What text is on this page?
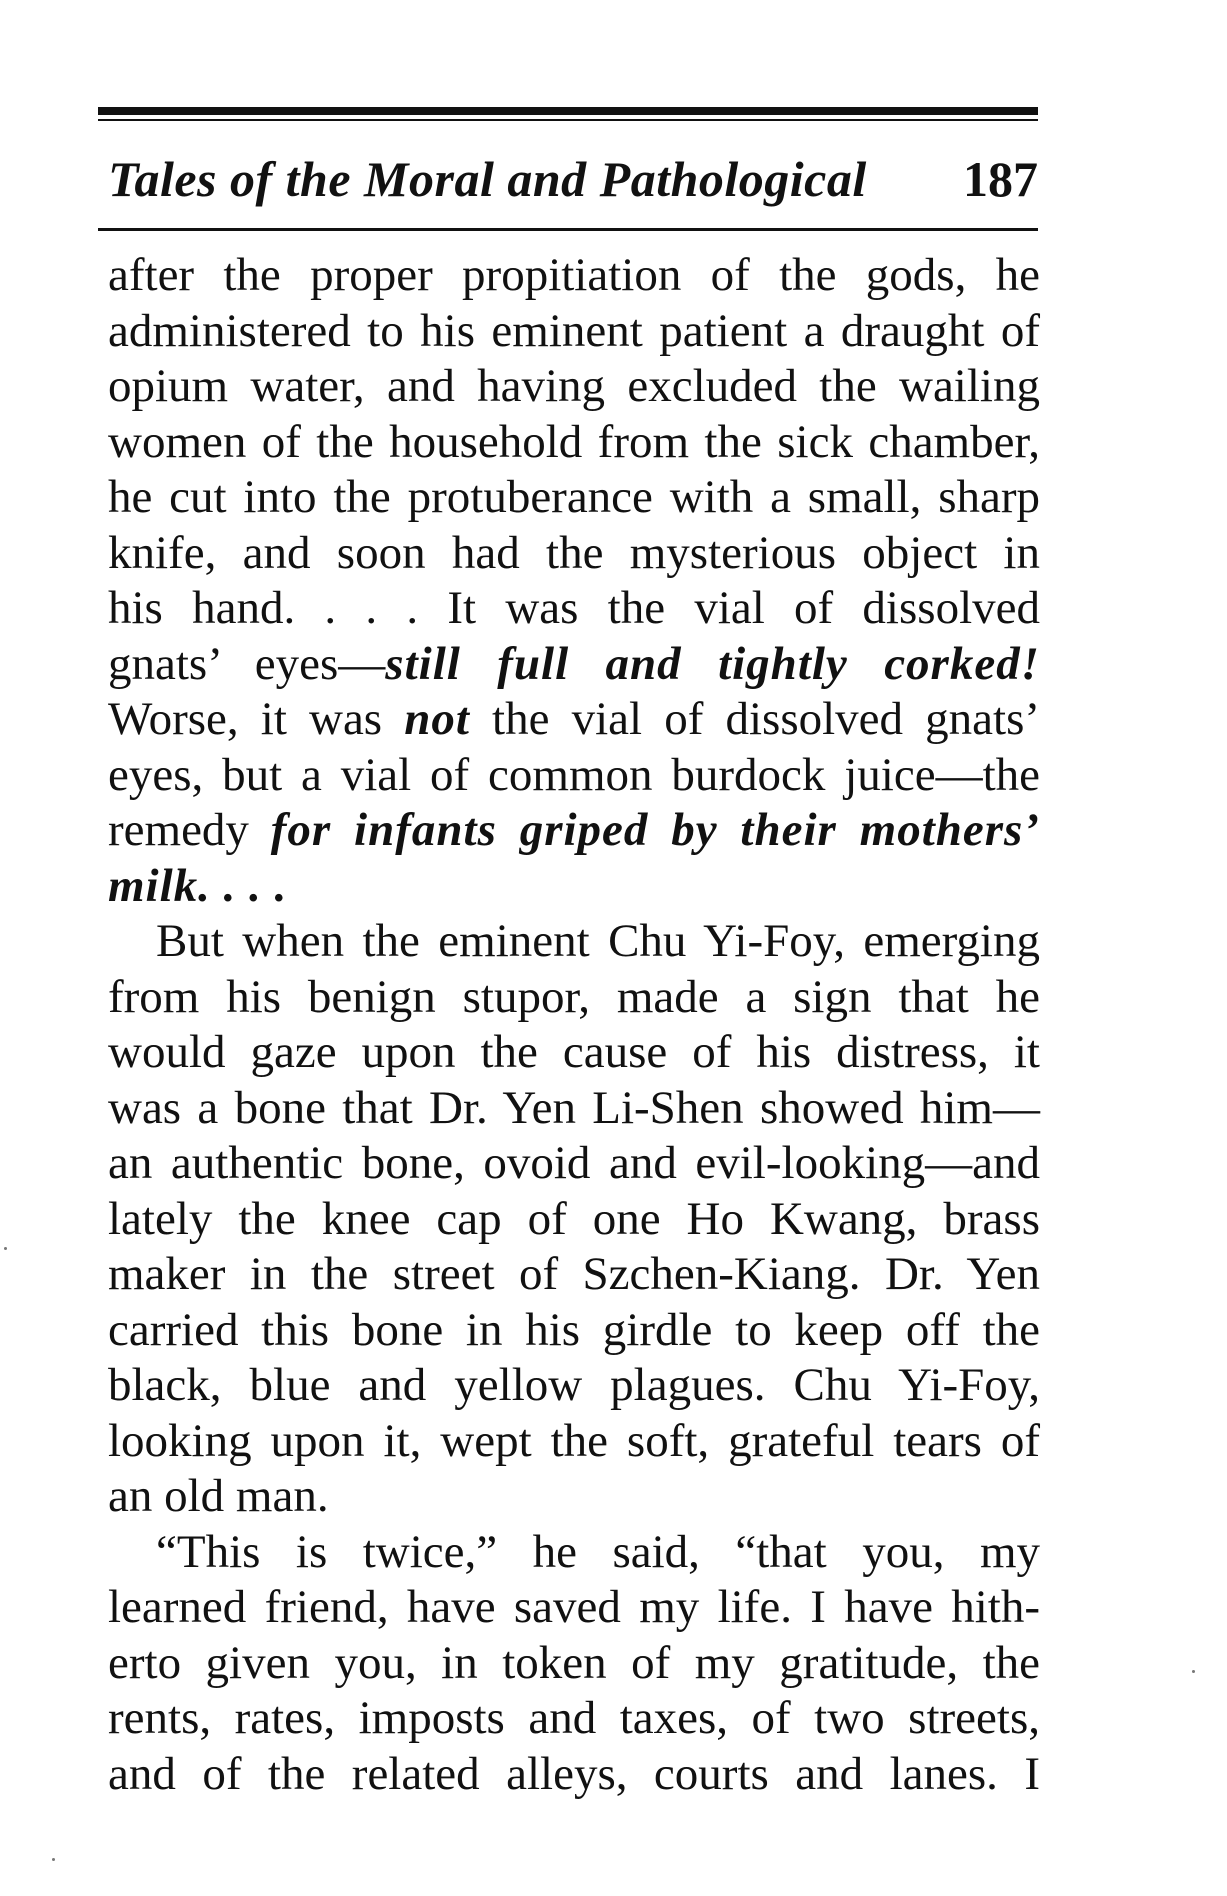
Tales of the Moral and Pathological 187
after the proper propitiation of the gods, he
administered to his eminent patient a draught of
opium water, and having excluded the wailing
women of the household from the sick chamber,
he cut into the protuberance with a small, sharp
knife, and soon had the mysterious object in
his hand. . . . It was the vial of dissolved
gnats’ eyes—still full and tightly corked!
Worse, it was not the vial of dissolved gnats’
eyes, but a vial of common burdock juice—the
remedy for infants griped by their mothers’
milk. . . .
But when the eminent Chu Yi-Foy, emerging
from his benign stupor, made a sign that he
would gaze upon the cause of his distress, it
was a bone that Dr. Yen Li-Shen showed him—
an authentic bone, ovoid and evil-looking—and
lately the knee cap of one Ho Kwang, brass
maker in the street of Szchen-Kiang. Dr. Yen
carried this bone in his girdle to keep off the
black, blue and yellow plagues. Chu Yi-Foy,
looking upon it, wept the soft, grateful tears of
an old man.
“This is twice,” he said, “that you, my
learned friend, have saved my life. I have hith-
erto given you, in token of my gratitude, the
rents, rates, imposts and taxes, of two streets,
and of the related alleys, courts and lanes. I
